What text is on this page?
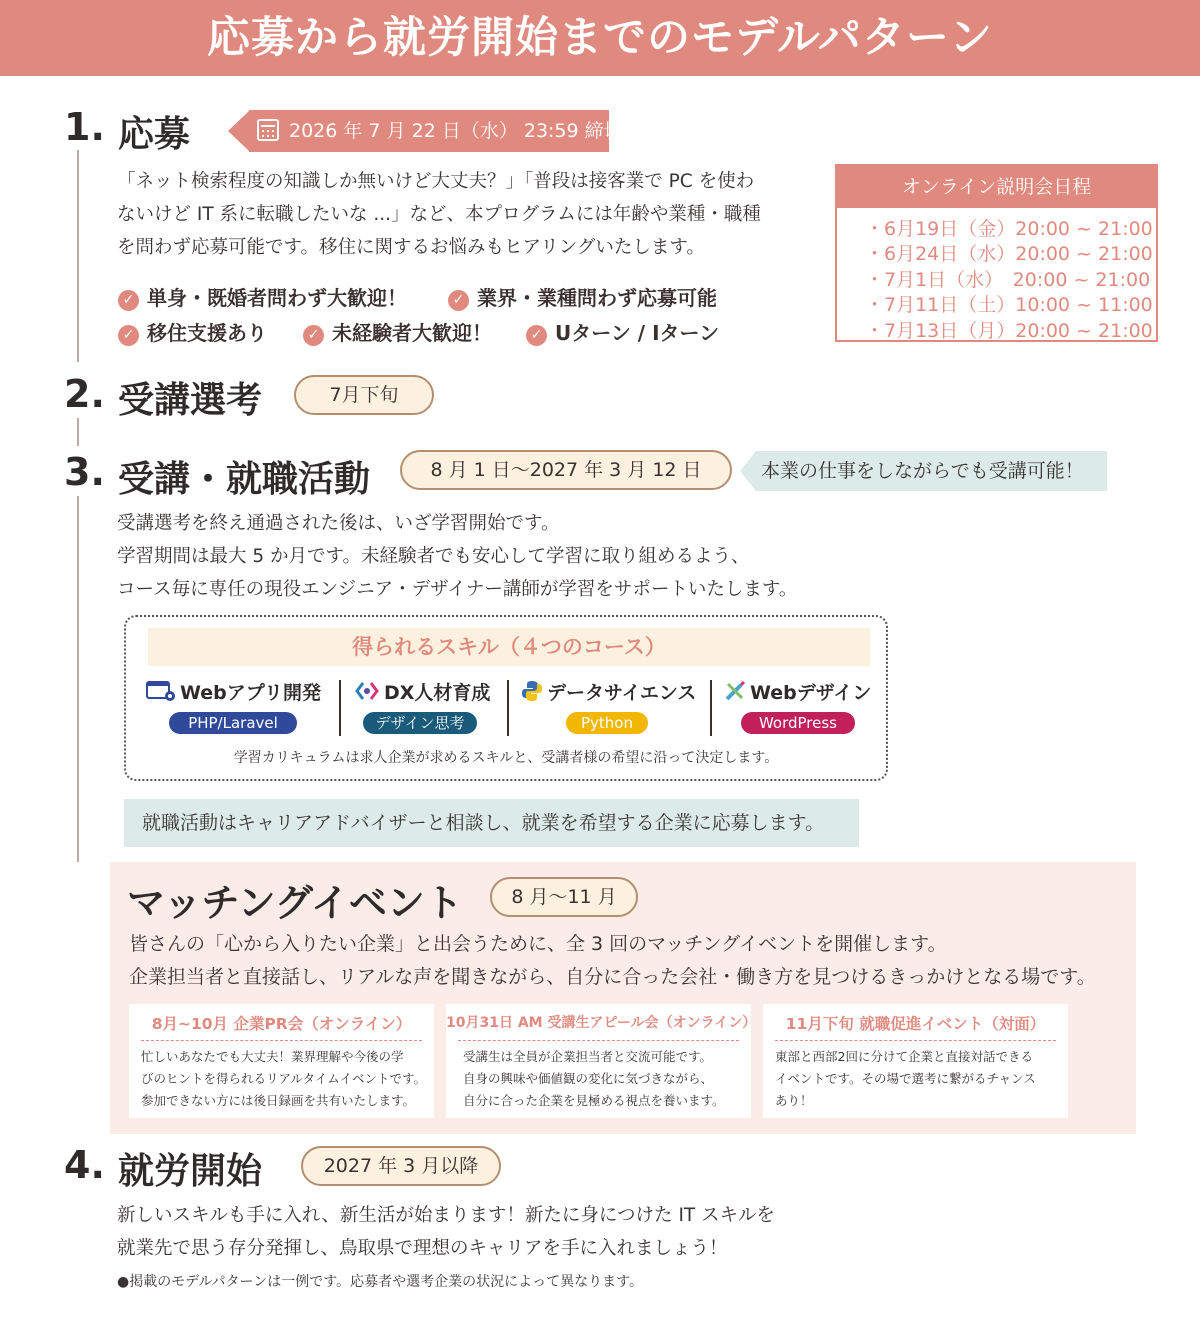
応募から就労開始までのモデルパターン
1. 応募	2026 年 7 月 22 日（水） 23:59 締切
「ネット検索程度の知識しか無いけど大丈夫？」「普段は接客業で PC を使わ
ないけど IT 系に転職したいな ...」など、本プログラムには年齢や業種・職種
を問わず応募可能です。移住に関するお悩みもヒアリングいたします。
✓ 単身・既婚者問わず大歓迎！	✓ 業界・業種問わず応募可能
✓ 移住支援あり	✓ 未経験者大歓迎！	✓ Uターン / Iターン
オンライン説明会日程
・6月19日（金）20:00 ~ 21:00
・6月24日（水）20:00 ~ 21:00
・7月1日（水）　20:00 ~ 21:00
・7月11日（土）10:00 ~ 11:00
・7月13日（月）20:00 ~ 21:00
2. 受講選考	7月下旬
3. 受講・就職活動	8 月 1 日～2027 年 3 月 12 日	本業の仕事をしながらでも受講可能！
受講選考を終え通過された後は、いざ学習開始です。
学習期間は最大 5 か月です。未経験者でも安心して学習に取り組めるよう、
コース毎に専任の現役エンジニア・デザイナー講師が学習をサポートいたします。
得られるスキル（４つのコース）
Webアプリ開発
PHP/Laravel
DX人材育成
デザイン思考
データサイエンス
Python
Webデザイン
WordPress
学習カリキュラムは求人企業が求めるスキルと、受講者様の希望に沿って決定します。
就職活動はキャリアアドバイザーと相談し、就業を希望する企業に応募します。
マッチングイベント	8 月～11 月
皆さんの「心から入りたい企業」と出会うために、全 3 回のマッチングイベントを開催します。
企業担当者と直接話し、リアルな声を聞きながら、自分に合った会社・働き方を見つけるきっかけとなる場です。
8月~10月 企業PR会（オンライン）
忙しいあなたでも大丈夫！業界理解や今後の学
びのヒントを得られるリアルタイムイベントです。
参加できない方には後日録画を共有いたします。
10月31日 AM 受講生アピール会（オンライン）
受講生は全員が企業担当者と交流可能です。
自身の興味や価値観の変化に気づきながら、
自分に合った企業を見極める視点を養います。
11月下旬 就職促進イベント（対面）
東部と西部2回に分けて企業と直接対話できる
イベントです。その場で選考に繋がるチャンス
あり！
4. 就労開始	2027 年 3 月以降
新しいスキルも手に入れ、新生活が始まります！新たに身につけた IT スキルを
就業先で思う存分発揮し、鳥取県で理想のキャリアを手に入れましょう！
●掲載のモデルパターンは一例です。応募者や選考企業の状況によって異なります。
